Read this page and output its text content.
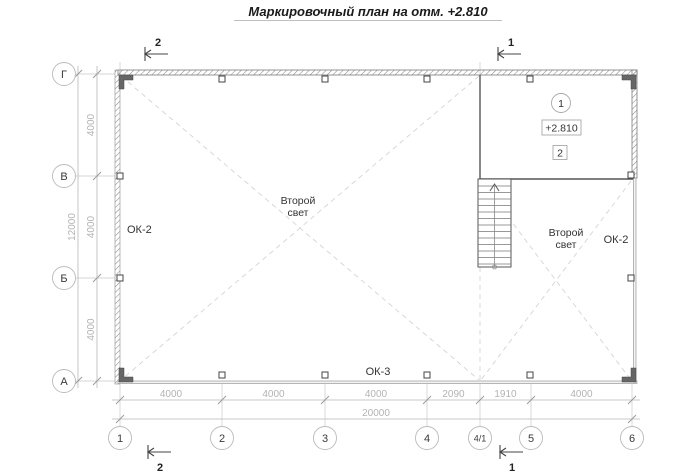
Маркировочный план на отм. +2.810
4000	4000	4000	2090	1910	4000
20000
4000
4000
4000
12000	ОК-2
ОК-2
ОК-3
Второй
свет
Второй
свет
1
+2.810
2
Г
В
Б
А
1	2	3	4	4/1	5	6
2	1
2	1
